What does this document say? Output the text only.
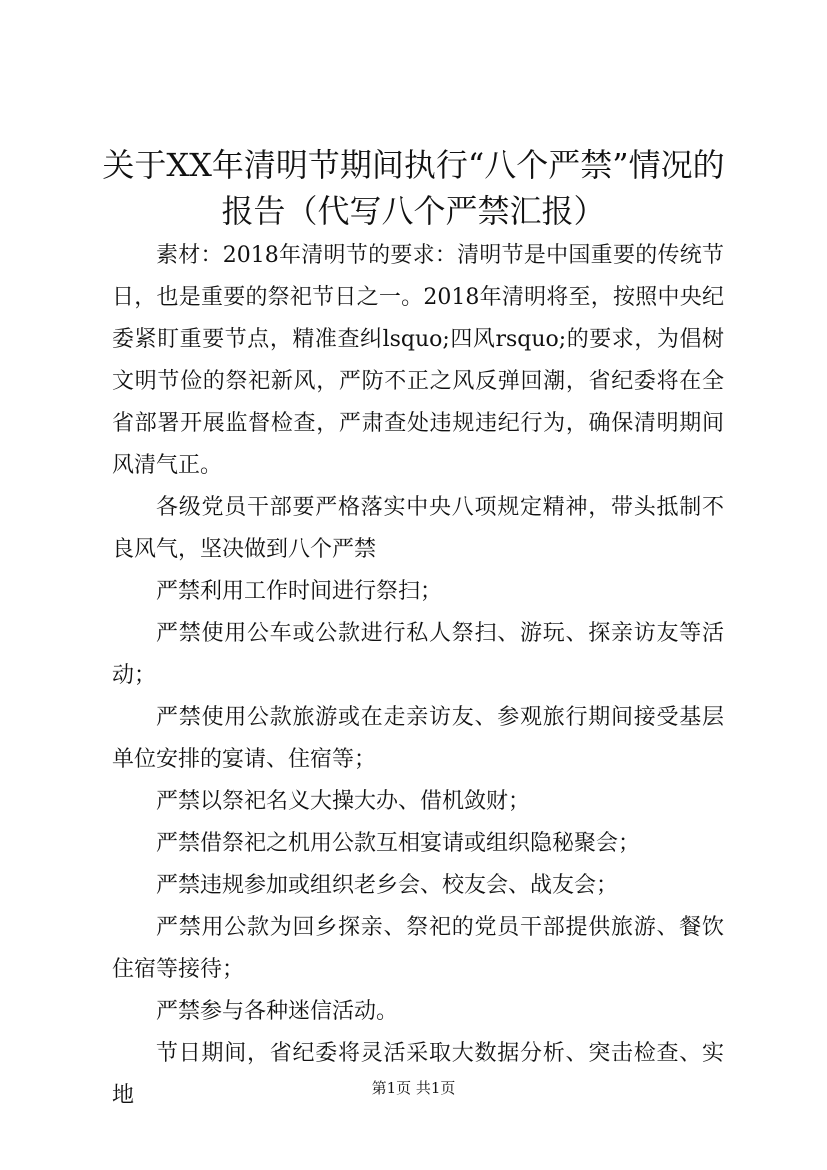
关于XX年清明节期间执行“八个严禁”情况的报告（代写八个严禁汇报）

素材：2018年清明节的要求：清明节是中国重要的传统节日，也是重要的祭祀节日之一。2018年清明将至，按照中央纪委紧盯重要节点，精准查纠lsquo;四风rsquo;的要求，为倡树文明节俭的祭祀新风，严防不正之风反弹回潮，省纪委将在全省部署开展监督检查，严肃查处违规违纪行为，确保清明期间风清气正。

各级党员干部要严格落实中央八项规定精神，带头抵制不良风气，坚决做到八个严禁

严禁利用工作时间进行祭扫；

严禁使用公车或公款进行私人祭扫、游玩、探亲访友等活动；

严禁使用公款旅游或在走亲访友、参观旅行期间接受基层单位安排的宴请、住宿等；

严禁以祭祀名义大操大办、借机敛财；

严禁借祭祀之机用公款互相宴请或组织隐秘聚会；

严禁违规参加或组织老乡会、校友会、战友会；

严禁用公款为回乡探亲、祭祀的党员干部提供旅游、餐饮住宿等接待；

严禁参与各种迷信活动。

节日期间，省纪委将灵活采取大数据分析、突击检查、实地	第1页 共1页
